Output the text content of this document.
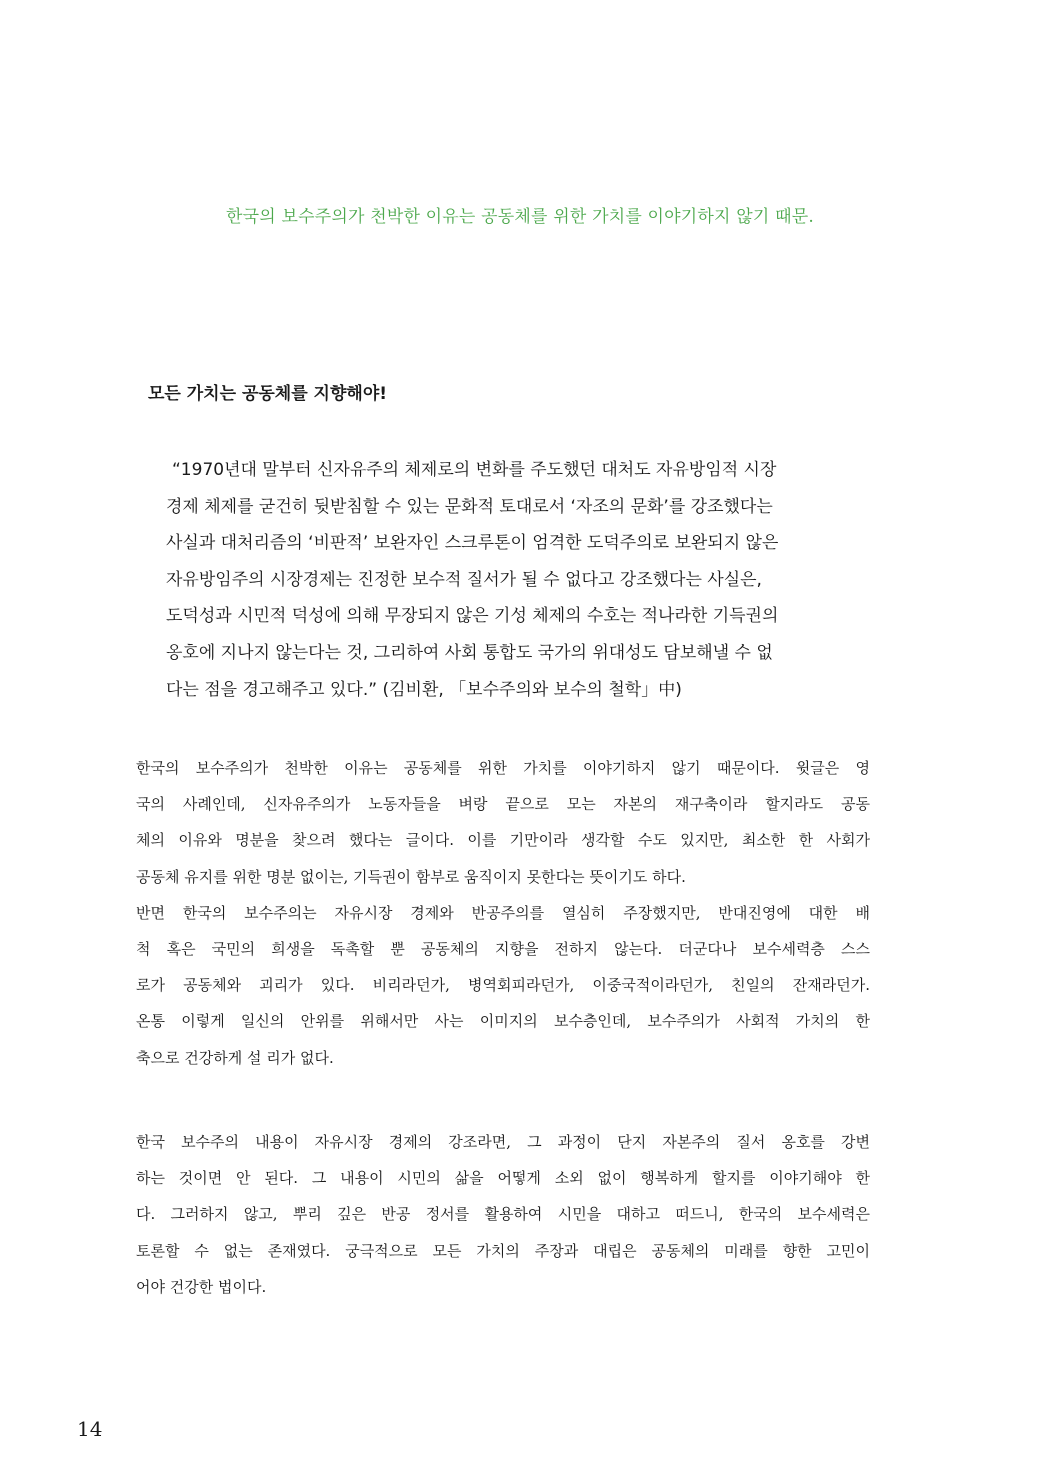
한국의 보수주의가 천박한 이유는 공동체를 위한 가치를 이야기하지 않기 때문.
모든 가치는 공동체를 지향해야!
“1970년대 말부터 신자유주의 체제로의 변화를 주도했던 대처도 자유방임적 시장
경제 체제를 굳건히 뒷받침할 수 있는 문화적 토대로서 ‘자조의 문화’를 강조했다는
사실과 대처리즘의 ‘비판적’ 보완자인 스크루톤이 엄격한 도덕주의로 보완되지 않은
자유방임주의 시장경제는 진정한 보수적 질서가 될 수 없다고 강조했다는 사실은,
도덕성과 시민적 덕성에 의해 무장되지 않은 기성 체제의 수호는 적나라한 기득권의
옹호에 지나지 않는다는 것, 그리하여 사회 통합도 국가의 위대성도 담보해낼 수 없
다는 점을 경고해주고 있다.” (김비환, 「보수주의와 보수의 철학」中)
한국의 보수주의가 천박한 이유는 공동체를 위한 가치를 이야기하지 않기 때문이다. 윗글은 영
국의 사례인데, 신자유주의가 노동자들을 벼랑 끝으로 모는 자본의 재구축이라 할지라도 공동
체의 이유와 명분을 찾으려 했다는 글이다. 이를 기만이라 생각할 수도 있지만, 최소한 한 사회가
공동체 유지를 위한 명분 없이는, 기득권이 함부로 움직이지 못한다는 뜻이기도 하다.
반면 한국의 보수주의는 자유시장 경제와 반공주의를 열심히 주장했지만, 반대진영에 대한 배
척 혹은 국민의 희생을 독촉할 뿐 공동체의 지향을 전하지 않는다. 더군다나 보수세력층 스스
로가 공동체와 괴리가 있다. 비리라던가, 병역회피라던가, 이중국적이라던가, 친일의 잔재라던가.
온통 이렇게 일신의 안위를 위해서만 사는 이미지의 보수층인데, 보수주의가 사회적 가치의 한
축으로 건강하게 설 리가 없다.
한국 보수주의 내용이 자유시장 경제의 강조라면, 그 과정이 단지 자본주의 질서 옹호를 강변
하는 것이면 안 된다. 그 내용이 시민의 삶을 어떻게 소외 없이 행복하게 할지를 이야기해야 한
다. 그러하지 않고, 뿌리 깊은 반공 정서를 활용하여 시민을 대하고 떠드니, 한국의 보수세력은
토론할 수 없는 존재였다. 궁극적으로 모든 가치의 주장과 대립은 공동체의 미래를 향한 고민이
어야 건강한 법이다.
14
